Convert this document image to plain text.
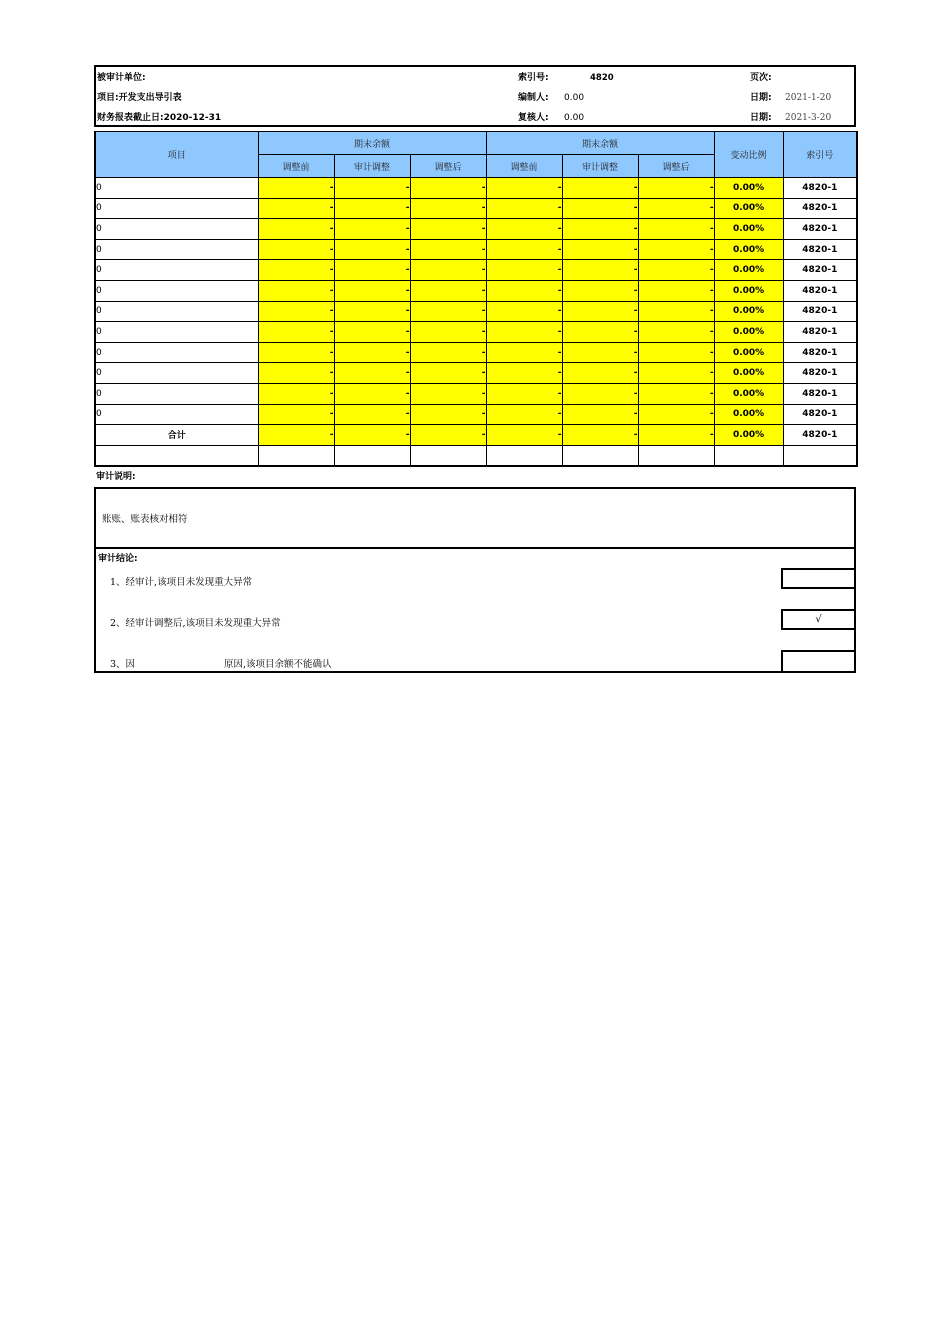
被审计单位:	索引号:	4820	页次:
项目:开发支出导引表	编制人: 0.00	日期: 2021-1-20
财务报表截止日:2020-12-31	复核人: 0.00	日期: 2021-3-20
项目	期末余额			期末余额			变动比例	索引号
	调整前	审计调整	调整后	调整前	审计调整	调整后		
0	-	-	-	-	-	-	0.00%	4820-1
0	-	-	-	-	-	-	0.00%	4820-1
0	-	-	-	-	-	-	0.00%	4820-1
0	-	-	-	-	-	-	0.00%	4820-1
0	-	-	-	-	-	-	0.00%	4820-1
0	-	-	-	-	-	-	0.00%	4820-1
0	-	-	-	-	-	-	0.00%	4820-1
0	-	-	-	-	-	-	0.00%	4820-1
0	-	-	-	-	-	-	0.00%	4820-1
0	-	-	-	-	-	-	0.00%	4820-1
0	-	-	-	-	-	-	0.00%	4820-1
0	-	-	-	-	-	-	0.00%	4820-1
合计	-	-	-	-	-	-	0.00%	4820-1

审计说明:
账账、账表核对相符
审计结论:
1、经审计,该项目未发现重大异常
2、经审计调整后,该项目未发现重大异常	√
3、因	原因,该项目余额不能确认
